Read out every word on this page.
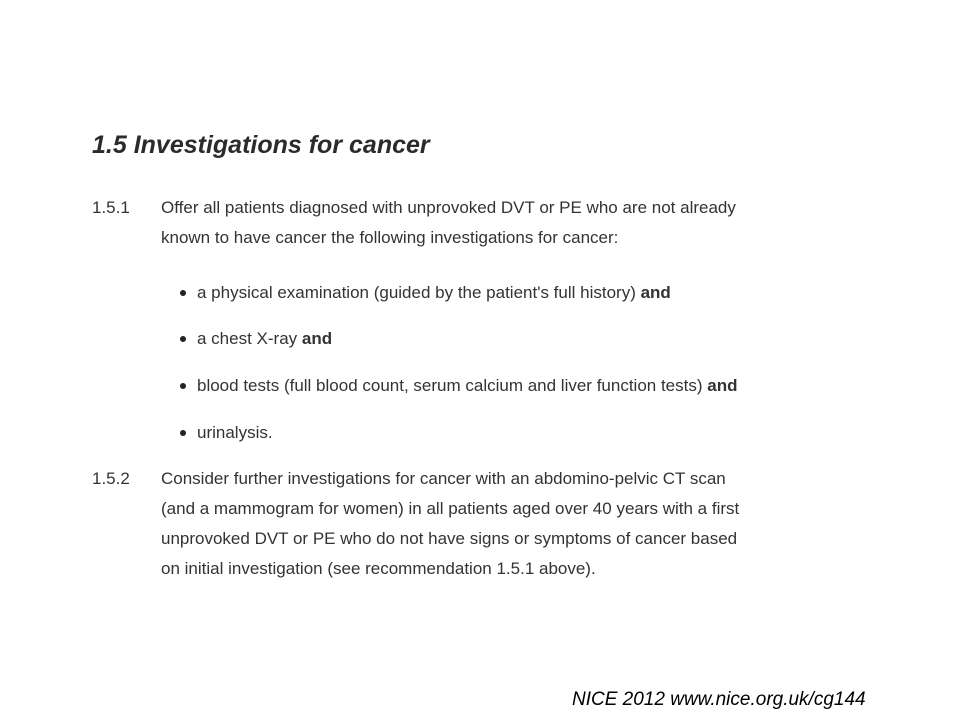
1.5 Investigations for cancer
1.5.1 Offer all patients diagnosed with unprovoked DVT or PE who are not already
known to have cancer the following investigations for cancer:
a physical examination (guided by the patient's full history) and
a chest X-ray and
blood tests (full blood count, serum calcium and liver function tests) and
urinalysis.
1.5.2 Consider further investigations for cancer with an abdomino-pelvic CT scan
(and a mammogram for women) in all patients aged over 40 years with a first
unprovoked DVT or PE who do not have signs or symptoms of cancer based
on initial investigation (see recommendation 1.5.1 above).
NICE 2012 www.nice.org.uk/cg144
